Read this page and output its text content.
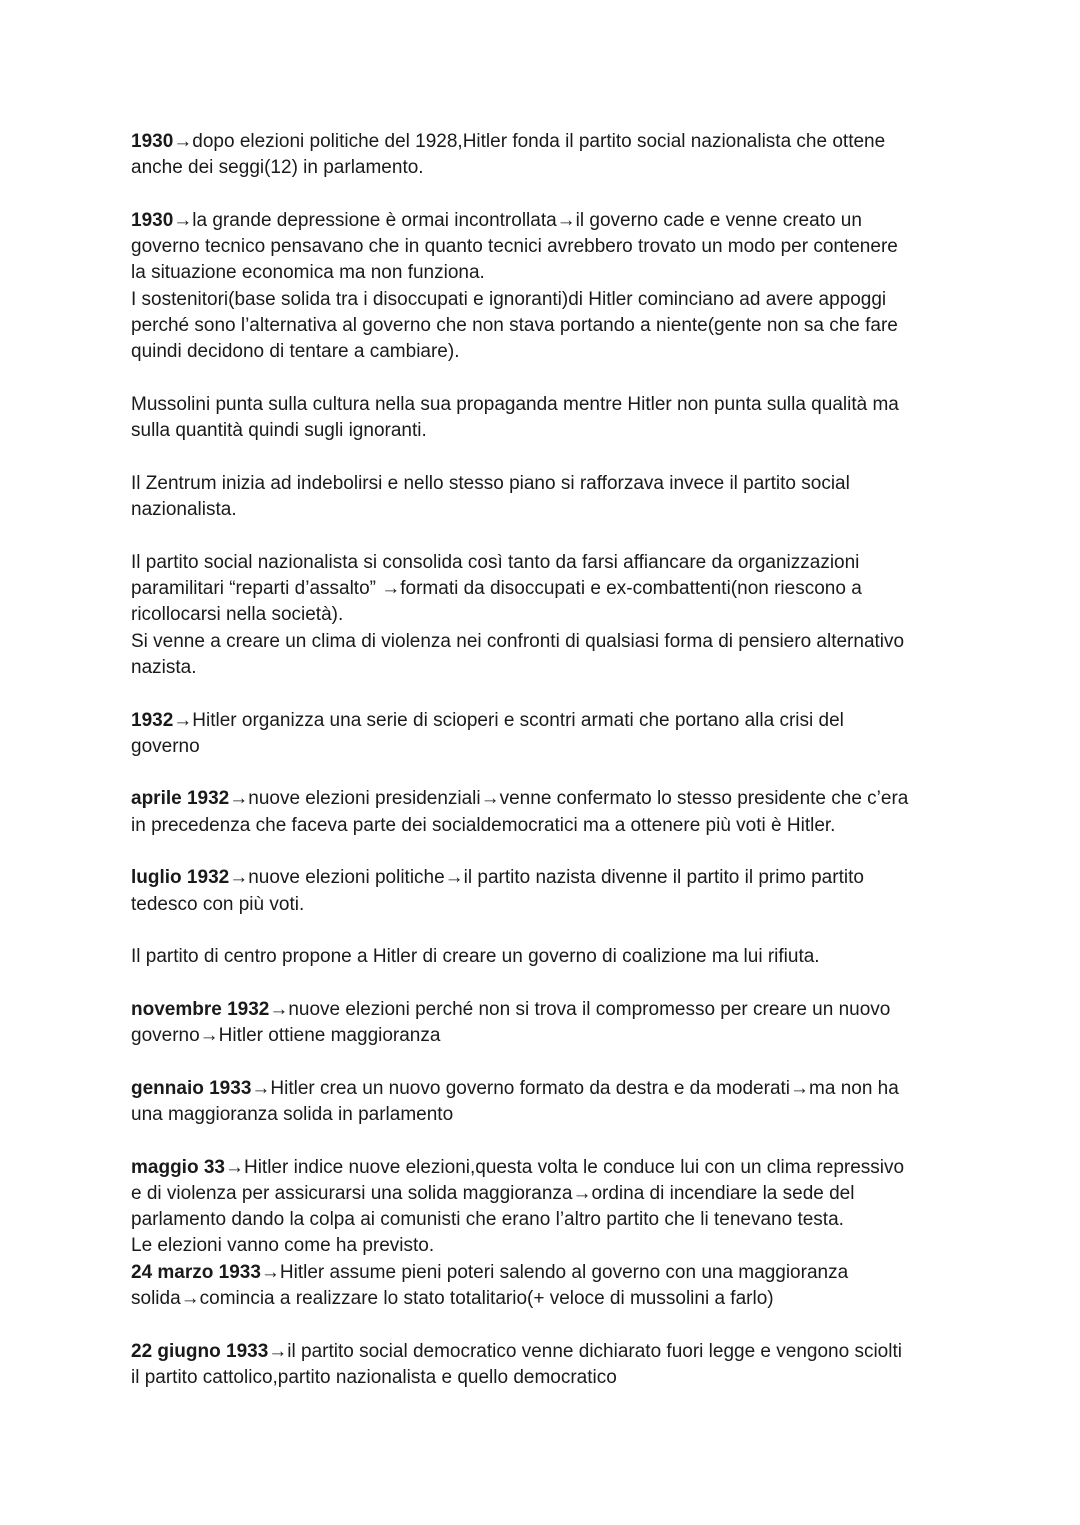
1930→dopo elezioni politiche del 1928,Hitler fonda il partito social nazionalista che ottene
anche dei seggi(12) in parlamento.

1930→la grande depressione è ormai incontrollata→il governo cade e venne creato un
governo tecnico pensavano che in quanto tecnici avrebbero trovato un modo per contenere
la situazione economica ma non funziona.
I sostenitori(base solida tra i disoccupati e ignoranti)di Hitler cominciano ad avere appoggi
perché sono l’alternativa al governo che non stava portando a niente(gente non sa che fare
quindi decidono di tentare a cambiare).

Mussolini punta sulla cultura nella sua propaganda mentre Hitler non punta sulla qualità ma
sulla quantità quindi sugli ignoranti.

Il Zentrum inizia ad indebolirsi e nello stesso piano si rafforzava invece il partito social
nazionalista.

Il partito social nazionalista si consolida così tanto da farsi affiancare da organizzazioni
paramilitari “reparti d’assalto” →formati da disoccupati e ex-combattenti(non riescono a
ricollocarsi nella società).
Si venne a creare un clima di violenza nei confronti di qualsiasi forma di pensiero alternativo
nazista.

1932→Hitler organizza una serie di scioperi e scontri armati che portano alla crisi del
governo

aprile 1932→nuove elezioni presidenziali→venne confermato lo stesso presidente che c’era
in precedenza che faceva parte dei socialdemocratici ma a ottenere più voti è Hitler.

luglio 1932→nuove elezioni politiche→il partito nazista divenne il partito il primo partito
tedesco con più voti.

Il partito di centro propone a Hitler di creare un governo di coalizione ma lui rifiuta.

novembre 1932→nuove elezioni perché non si trova il compromesso per creare un nuovo
governo→Hitler ottiene maggioranza

gennaio 1933→Hitler crea un nuovo governo formato da destra e da moderati→ma non ha
una maggioranza solida in parlamento

maggio 33→Hitler indice nuove elezioni,questa volta le conduce lui con un clima repressivo
e di violenza per assicurarsi una solida maggioranza→ordina di incendiare la sede del
parlamento dando la colpa ai comunisti che erano l’altro partito che li tenevano testa.
Le elezioni vanno come ha previsto.
24 marzo 1933→Hitler assume pieni poteri salendo al governo con una maggioranza
solida→comincia a realizzare lo stato totalitario(+ veloce di mussolini a farlo)

22 giugno 1933→il partito social democratico venne dichiarato fuori legge e vengono sciolti
il partito cattolico,partito nazionalista e quello democratico
